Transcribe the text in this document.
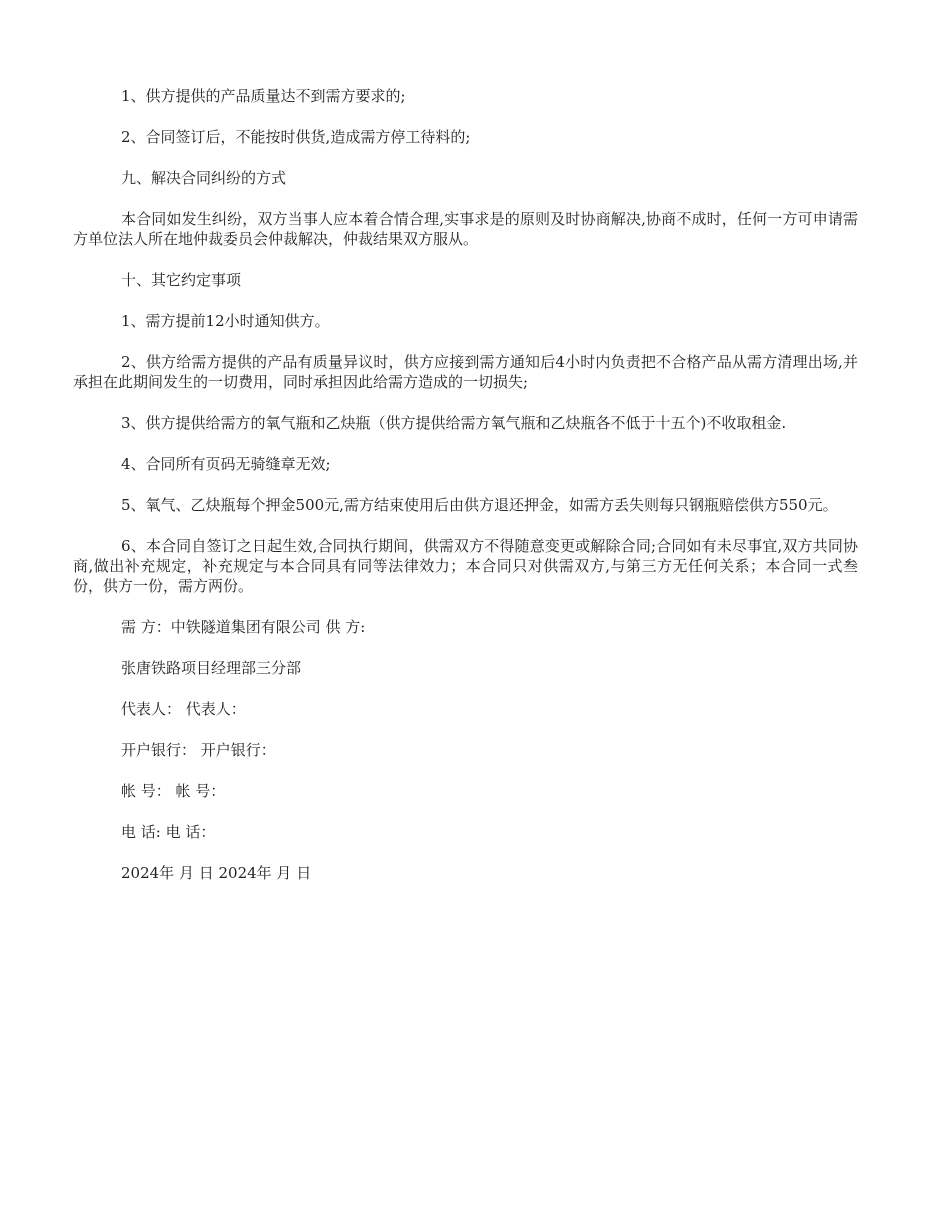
1、供方提供的产品质量达不到需方要求的;

2、合同签订后，不能按时供货,造成需方停工待料的;

九、解决合同纠纷的方式

本合同如发生纠纷，双方当事人应本着合情合理,实事求是的原则及时协商解决,协商不成时，任何一方可申请需方单位法人所在地仲裁委员会仲裁解决，仲裁结果双方服从。

十、其它约定事项

1、需方提前12小时通知供方。

2、供方给需方提供的产品有质量异议时，供方应接到需方通知后4小时内负责把不合格产品从需方清理出场,并承担在此期间发生的一切费用，同时承担因此给需方造成的一切损失;

3、供方提供给需方的氧气瓶和乙炔瓶（供方提供给需方氧气瓶和乙炔瓶各不低于十五个)不收取租金.

4、合同所有页码无骑缝章无效;

5、氧气、乙炔瓶每个押金500元,需方结束使用后由供方退还押金，如需方丢失则每只钢瓶赔偿供方550元。

6、本合同自签订之日起生效,合同执行期间，供需双方不得随意变更或解除合同;合同如有未尽事宜,双方共同协商,做出补充规定，补充规定与本合同具有同等法律效力；本合同只对供需双方,与第三方无任何关系；本合同一式叁份，供方一份，需方两份。

需 方：中铁隧道集团有限公司 供 方:

张唐铁路项目经理部三分部

代表人： 代表人：

开户银行： 开户银行：

帐 号： 帐 号：

电 话: 电 话：

2024年 月 日 2024年 月 日
